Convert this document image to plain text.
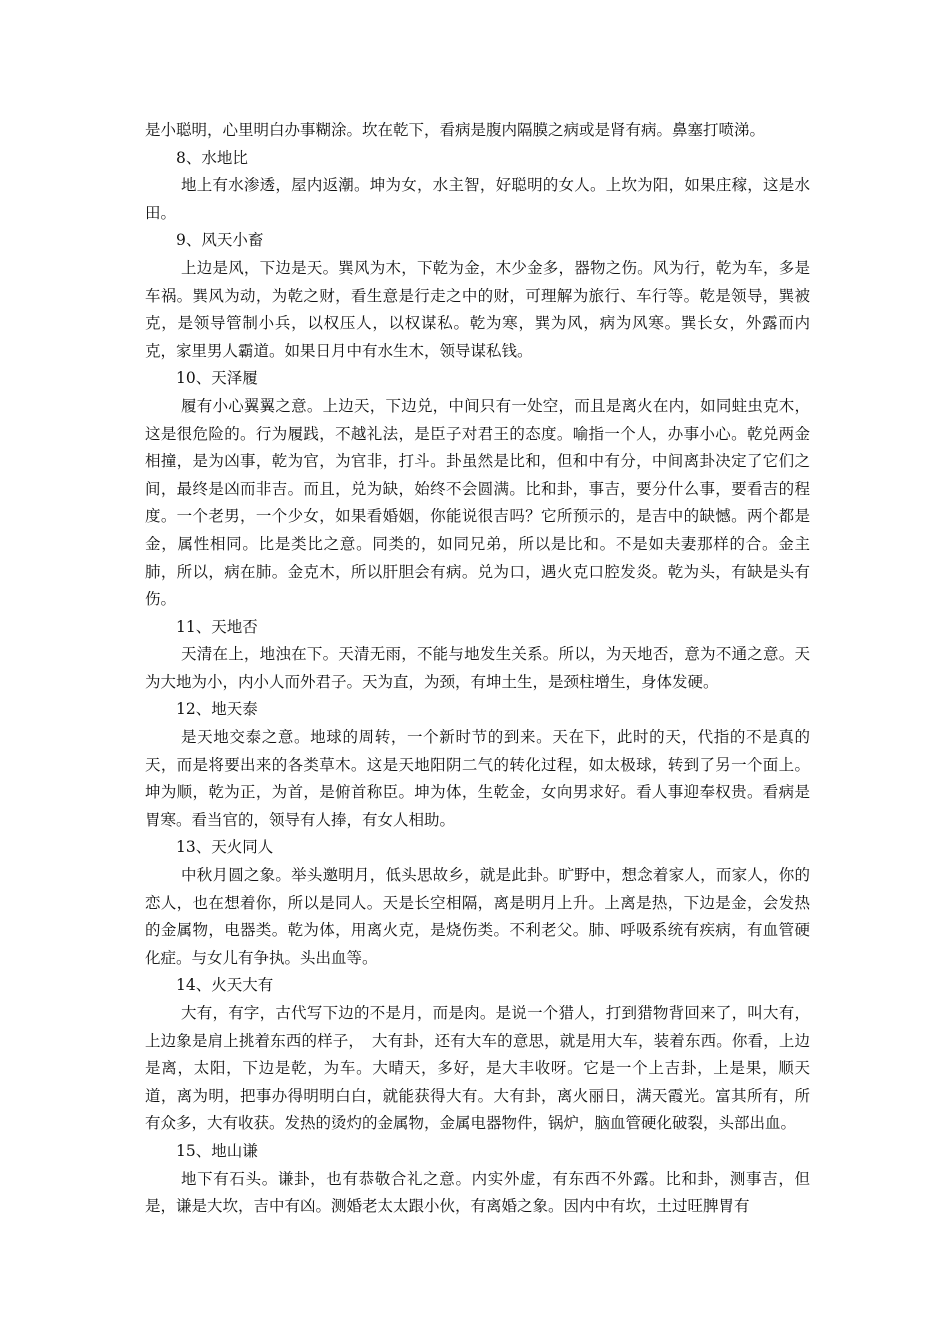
是小聪明，心里明白办事糊涂。坎在乾下，看病是腹内隔膜之病或是肾有病。鼻塞打喷涕。

8、水地比

地上有水渗透，屋内返潮。坤为女，水主智，好聪明的女人。上坎为阳，如果庄稼，这是水田。

9、风天小畜

上边是风，下边是天。巽风为木，下乾为金，木少金多，器物之伤。风为行，乾为车，多是车祸。巽风为动，为乾之财，看生意是行走之中的财，可理解为旅行、车行等。乾是领导，巽被克，是领导管制小兵，以权压人，以权谋私。乾为寒，巽为风，病为风寒。巽长女，外露而内克，家里男人霸道。如果日月中有水生木，领导谋私钱。

10、天泽履

履有小心翼翼之意。上边天，下边兑，中间只有一处空，而且是离火在内，如同蛀虫克木，这是很危险的。行为履践，不越礼法，是臣子对君王的态度。喻指一个人，办事小心。乾兑两金相撞，是为凶事，乾为官，为官非，打斗。卦虽然是比和，但和中有分，中间离卦决定了它们之间，最终是凶而非吉。而且，兑为缺，始终不会圆满。比和卦，事吉，要分什么事，要看吉的程度。一个老男，一个少女，如果看婚姻，你能说很吉吗？它所预示的，是吉中的缺憾。两个都是金，属性相同。比是类比之意。同类的，如同兄弟，所以是比和。不是如夫妻那样的合。金主肺，所以，病在肺。金克木，所以肝胆会有病。兑为口，遇火克口腔发炎。乾为头，有缺是头有伤。

11、天地否

天清在上，地浊在下。天清无雨，不能与地发生关系。所以，为天地否，意为不通之意。天为大地为小，内小人而外君子。天为直，为颈，有坤土生，是颈柱增生，身体发硬。

12、地天泰

是天地交泰之意。地球的周转，一个新时节的到来。天在下，此时的天，代指的不是真的天，而是将要出来的各类草木。这是天地阳阴二气的转化过程，如太极球，转到了另一个面上。坤为顺，乾为正，为首，是俯首称臣。坤为体，生乾金，女向男求好。看人事迎奉权贵。看病是胃寒。看当官的，领导有人捧，有女人相助。

13、天火同人

中秋月圆之象。举头邀明月，低头思故乡，就是此卦。旷野中，想念着家人，而家人，你的恋人，也在想着你，所以是同人。天是长空相隔，离是明月上升。上离是热，下边是金，会发热的金属物，电器类。乾为体，用离火克，是烧伤类。不利老父。肺、呼吸系统有疾病，有血管硬化症。与女儿有争执。头出血等。

14、火天大有

大有，有字，古代写下边的不是月，而是肉。是说一个猎人，打到猎物背回来了，叫大有，上边象是肩上挑着东西的样子，　大有卦，还有大车的意思，就是用大车，装着东西。你看，上边是离，太阳，下边是乾，为车。大晴天，多好，是大丰收呀。它是一个上吉卦，上是果，顺天道，离为明，把事办得明明白白，就能获得大有。大有卦，离火丽日，满天霞光。富其所有，所有众多，大有收获。发热的烫灼的金属物，金属电器物件，锅炉，脑血管硬化破裂，头部出血。

15、地山谦

地下有石头。谦卦，也有恭敬合礼之意。内实外虚，有东西不外露。比和卦，测事吉，但是，谦是大坎，吉中有凶。测婚老太太跟小伙，有离婚之象。因内中有坎，土过旺脾胃有
